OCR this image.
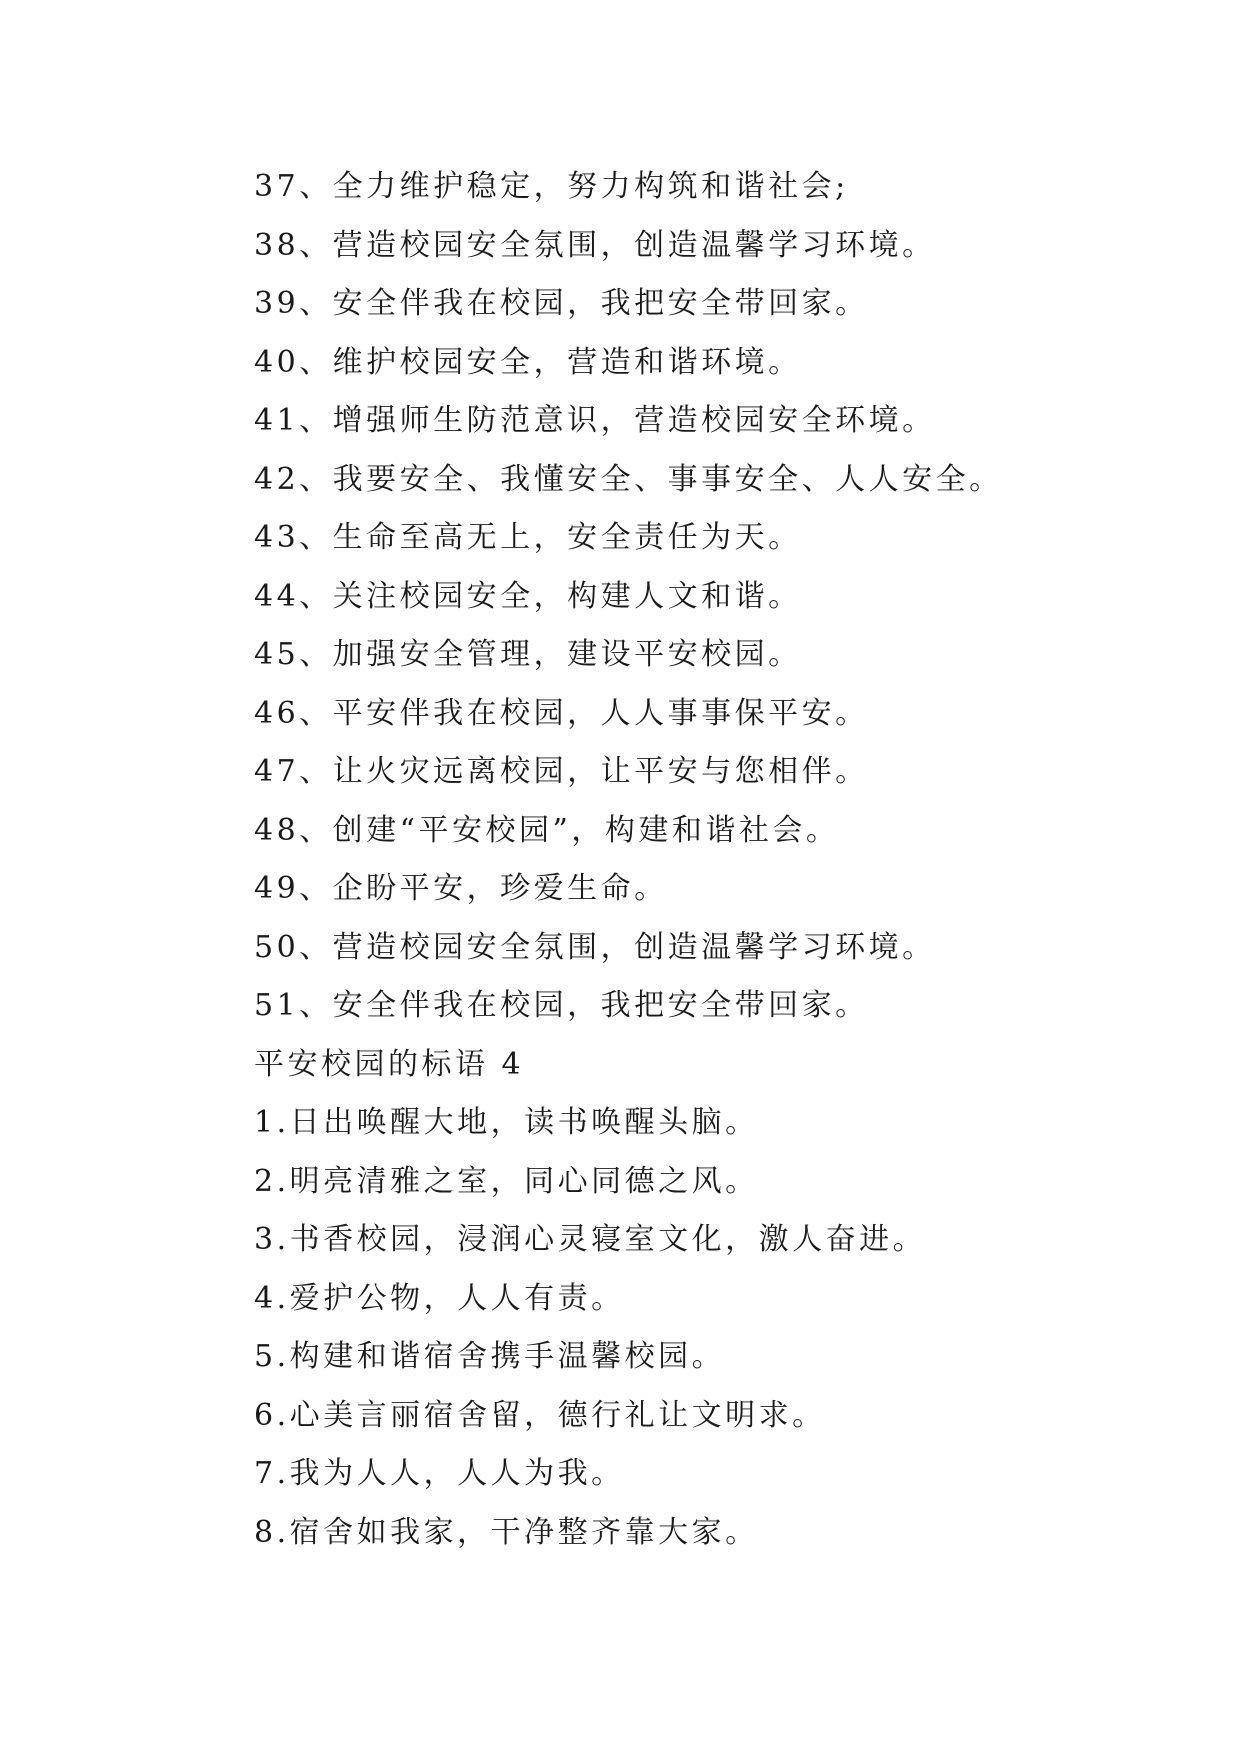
37、全力维护稳定，努力构筑和谐社会;
38、营造校园安全氛围，创造温馨学习环境。
39、安全伴我在校园，我把安全带回家。
40、维护校园安全，营造和谐环境。
41、增强师生防范意识，营造校园安全环境。
42、我要安全、我懂安全、事事安全、人人安全。
43、生命至高无上，安全责任为天。
44、关注校园安全，构建人文和谐。
45、加强安全管理，建设平安校园。
46、平安伴我在校园，人人事事保平安。
47、让火灾远离校园，让平安与您相伴。
48、创建“平安校园”，构建和谐社会。
49、企盼平安，珍爱生命。
50、营造校园安全氛围，创造温馨学习环境。
51、安全伴我在校园，我把安全带回家。
平安校园的标语 4
1.日出唤醒大地，读书唤醒头脑。
2.明亮清雅之室，同心同德之风。
3.书香校园，浸润心灵寝室文化，激人奋进。
4.爱护公物，人人有责。
5.构建和谐宿舍携手温馨校园。
6.心美言丽宿舍留，德行礼让文明求。
7.我为人人，人人为我。
8.宿舍如我家，干净整齐靠大家。
